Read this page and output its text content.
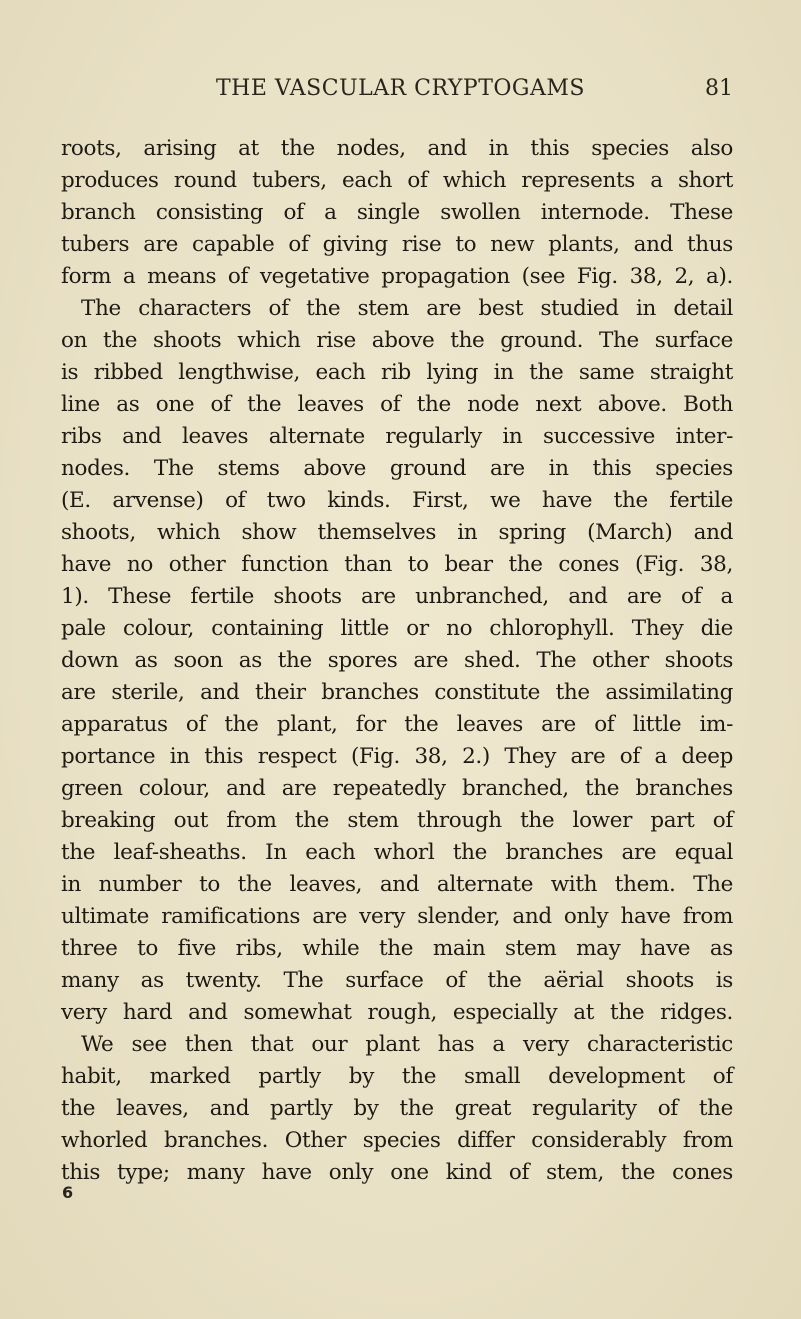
THE VASCULAR CRYPTOGAMS	81
roots, arising at the nodes, and in this species also
produces round tubers, each of which represents a short
branch consisting of a single swollen internode. These
tubers are capable of giving rise to new plants, and thus
form a means of vegetative propagation (see Fig. 38, 2, a).
The characters of the stem are best studied in detail
on the shoots which rise above the ground. The surface
is ribbed lengthwise, each rib lying in the same straight
line as one of the leaves of the node next above. Both
ribs and leaves alternate regularly in successive inter-
nodes. The stems above ground are in this species
(E. arvense) of two kinds. First, we have the fertile
shoots, which show themselves in spring (March) and
have no other function than to bear the cones (Fig. 38,
1). These fertile shoots are unbranched, and are of a
pale colour, containing little or no chlorophyll. They die
down as soon as the spores are shed. The other shoots
are sterile, and their branches constitute the assimilating
apparatus of the plant, for the leaves are of little im-
portance in this respect (Fig. 38, 2.) They are of a deep
green colour, and are repeatedly branched, the branches
breaking out from the stem through the lower part of
the leaf-sheaths. In each whorl the branches are equal
in number to the leaves, and alternate with them. The
ultimate ramifications are very slender, and only have from
three to five ribs, while the main stem may have as
many as twenty. The surface of the aërial shoots is
very hard and somewhat rough, especially at the ridges.
We see then that our plant has a very characteristic
habit, marked partly by the small development of
the leaves, and partly by the great regularity of the
whorled branches. Other species differ considerably from
this type; many have only one kind of stem, the cones
6
